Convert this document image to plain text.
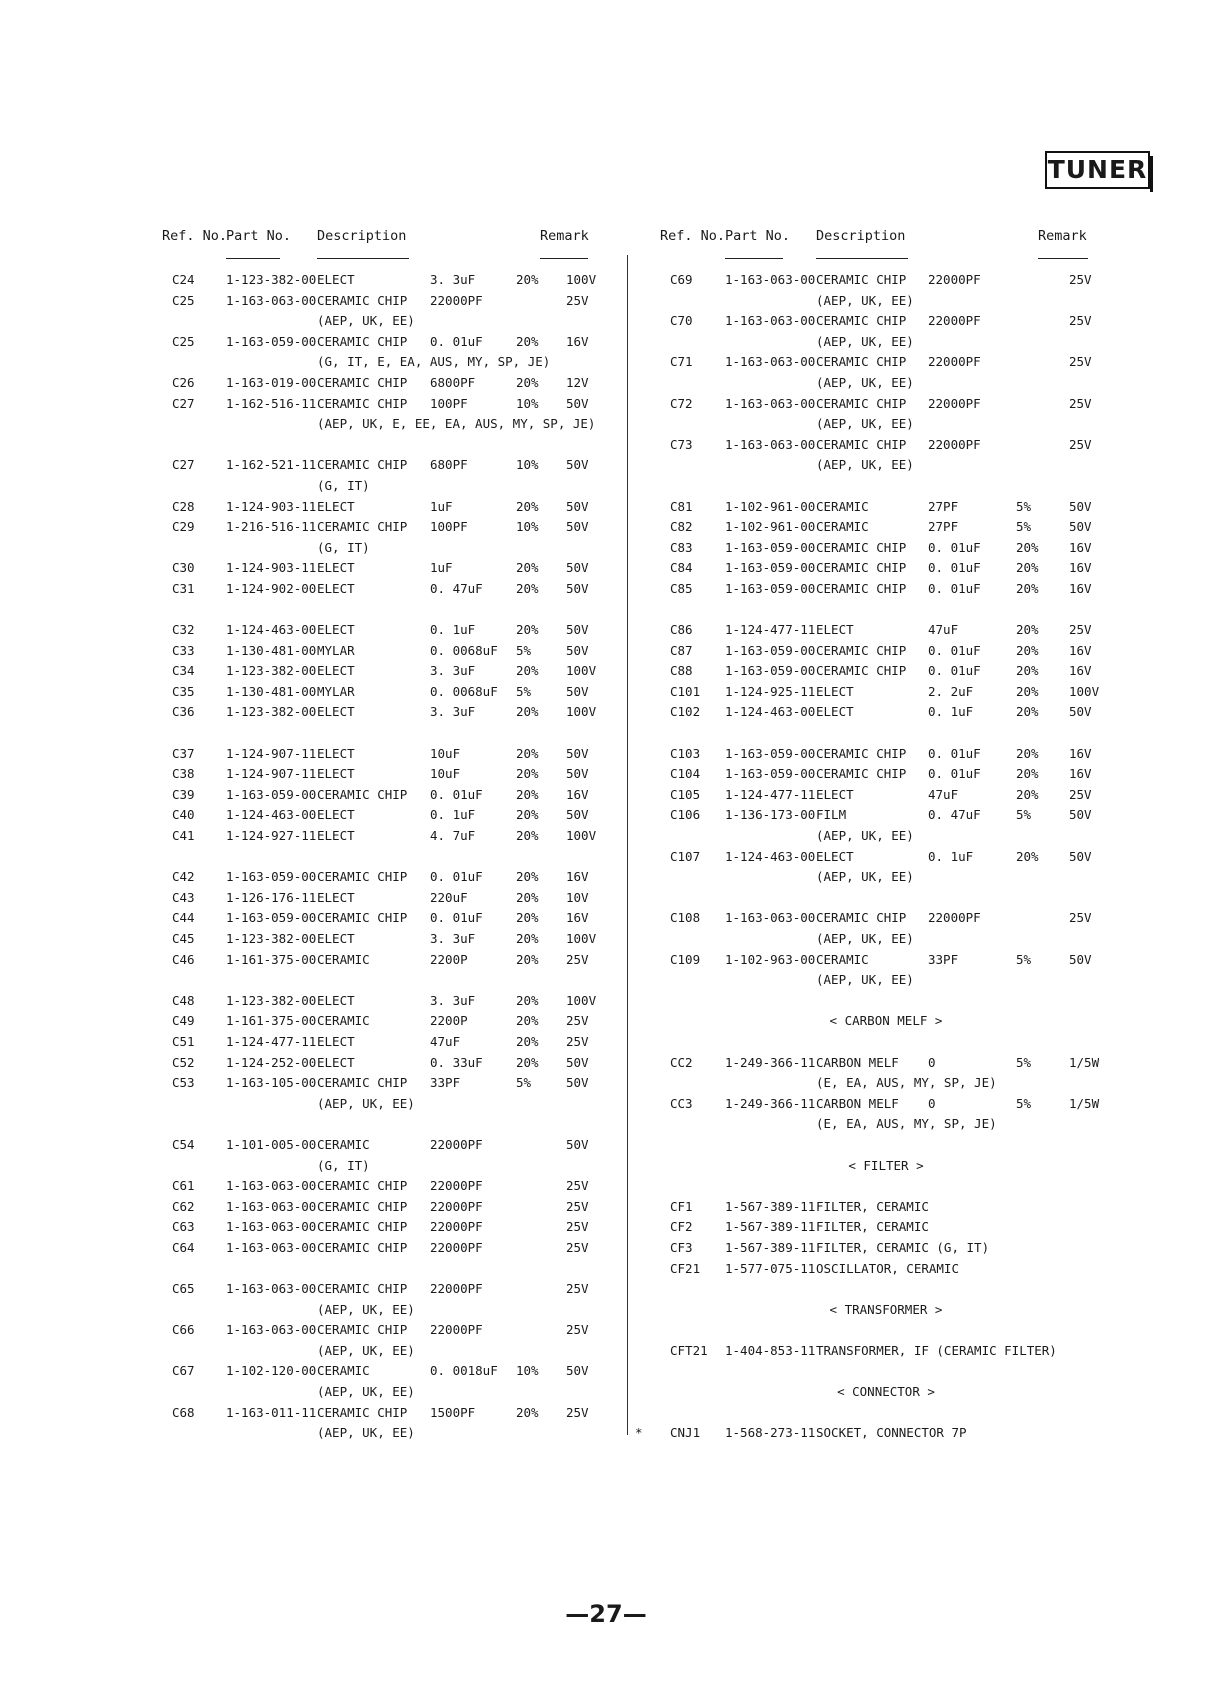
TUNER
Ref. No.
Part No. Description	Remark
C24	1-123-382-00 ELECT	3. 3uF	20% 100V
C25	1-163-063-00 CERAMIC CHIP 22000PF	25V
(AEP, UK, EE)
C25	1-163-059-00 CERAMIC CHIP 0. 01uF	20% 16V
(G, IT, E, EA, AUS, MY, SP, JE)
C26	1-163-019-00 CERAMIC CHIP 6800PF	20% 12V
C27	1-162-516-11 CERAMIC CHIP 100PF	10% 50V
(AEP, UK, E, EE, EA, AUS, MY, SP, JE)
C27	1-162-521-11 CERAMIC CHIP 680PF	10% 50V
(G, IT)
C28	1-124-903-11 ELECT	1uF	20% 50V
C29	1-216-516-11 CERAMIC CHIP 100PF	10% 50V
(G, IT)
C30	1-124-903-11 ELECT	1uF	20% 50V
C31	1-124-902-00 ELECT	0. 47uF	20% 50V
C32	1-124-463-00 ELECT	0. 1uF	20% 50V
C33	1-130-481-00 MYLAR	0. 0068uF 5%	50V
C34	1-123-382-00 ELECT	3. 3uF	20% 100V
C35	1-130-481-00 MYLAR	0. 0068uF 5%	50V
C36	1-123-382-00 ELECT	3. 3uF	20% 100V
C37	1-124-907-11 ELECT	10uF	20% 50V
C38	1-124-907-11 ELECT	10uF	20% 50V
C39	1-163-059-00 CERAMIC CHIP 0. 01uF	20% 16V
C40	1-124-463-00 ELECT	0. 1uF	20% 50V
C41	1-124-927-11 ELECT	4. 7uF	20% 100V
C42	1-163-059-00 CERAMIC CHIP 0. 01uF	20% 16V
C43	1-126-176-11 ELECT	220uF	20% 10V
C44	1-163-059-00 CERAMIC CHIP 0. 01uF	20% 16V
C45	1-123-382-00 ELECT	3. 3uF	20% 100V
C46	1-161-375-00 CERAMIC	2200P	20% 25V
C48	1-123-382-00 ELECT	3. 3uF	20% 100V
C49	1-161-375-00 CERAMIC	2200P	20% 25V
C51	1-124-477-11 ELECT	47uF	20% 25V
C52	1-124-252-00 ELECT	0. 33uF	20% 50V
C53	1-163-105-00 CERAMIC CHIP 33PF	5%	50V
(AEP, UK, EE)
C54	1-101-005-00 CERAMIC	22000PF	50V
(G, IT)
C61	1-163-063-00 CERAMIC CHIP 22000PF	25V
C62	1-163-063-00 CERAMIC CHIP 22000PF	25V
C63	1-163-063-00 CERAMIC CHIP 22000PF	25V
C64	1-163-063-00 CERAMIC CHIP 22000PF	25V
C65	1-163-063-00 CERAMIC CHIP 22000PF	25V
(AEP, UK, EE)
C66	1-163-063-00 CERAMIC CHIP 22000PF	25V
(AEP, UK, EE)
C67	1-102-120-00 CERAMIC	0. 0018uF 10% 50V
(AEP, UK, EE)
C68	1-163-011-11 CERAMIC CHIP 1500PF	20% 25V
(AEP, UK, EE)
Ref. No. Part No. Description	Remark
C69	1-163-063-00 CERAMIC CHIP 22000PF	25V
(AEP, UK, EE)
C70	1-163-063-00 CERAMIC CHIP 22000PF	25V
(AEP, UK, EE)
C71	1-163-063-00 CERAMIC CHIP 22000PF	25V
(AEP, UK, EE)
C72	1-163-063-00 CERAMIC CHIP 22000PF	25V
(AEP, UK, EE)
C73	1-163-063-00 CERAMIC CHIP 22000PF	25V
(AEP, UK, EE)
C81	1-102-961-00 CERAMIC	27PF	5%	50V
C82	1-102-961-00 CERAMIC	27PF	5%	50V
C83	1-163-059-00 CERAMIC CHIP 0. 01uF	20% 16V
C84	1-163-059-00 CERAMIC CHIP 0. 01uF	20% 16V
C85	1-163-059-00 CERAMIC CHIP 0. 01uF	20% 16V
C86	1-124-477-11 ELECT	47uF	20% 25V
C87	1-163-059-00 CERAMIC CHIP 0. 01uF	20% 16V
C88	1-163-059-00 CERAMIC CHIP 0. 01uF	20% 16V
C101 1-124-925-11 ELECT	2. 2uF	20% 100V
C102 1-124-463-00 ELECT	0. 1uF	20% 50V
C103 1-163-059-00 CERAMIC CHIP 0. 01uF	20% 16V
C104 1-163-059-00 CERAMIC CHIP 0. 01uF	20% 16V
C105 1-124-477-11 ELECT	47uF	20% 25V
C106 1-136-173-00 FILM	0. 47uF	5%	50V
(AEP, UK, EE)
C107 1-124-463-00 ELECT	0. 1uF	20% 50V
(AEP, UK, EE)
C108 1-163-063-00 CERAMIC CHIP 22000PF	25V
(AEP, UK, EE)
C109 1-102-963-00 CERAMIC	33PF	5%	50V
(AEP, UK, EE)
< CARBON MELF >
CC2	1-249-366-11 CARBON MELF 0	5%	1/5W
(E, EA, AUS, MY, SP, JE)
CC3	1-249-366-11 CARBON MELF 0	5%	1/5W
(E, EA, AUS, MY, SP, JE)
< FILTER >
CF1	1-567-389-11 FILTER, CERAMIC
CF2	1-567-389-11 FILTER, CERAMIC
CF3	1-567-389-11 FILTER, CERAMIC (G, IT)
CF21 1-577-075-11 OSCILLATOR, CERAMIC
< TRANSFORMER >
CFT21 1-404-853-11 TRANSFORMER, IF (CERAMIC FILTER)
< CONNECTOR >
* CNJ1 1-568-273-11 SOCKET, CONNECTOR 7P
—27—
